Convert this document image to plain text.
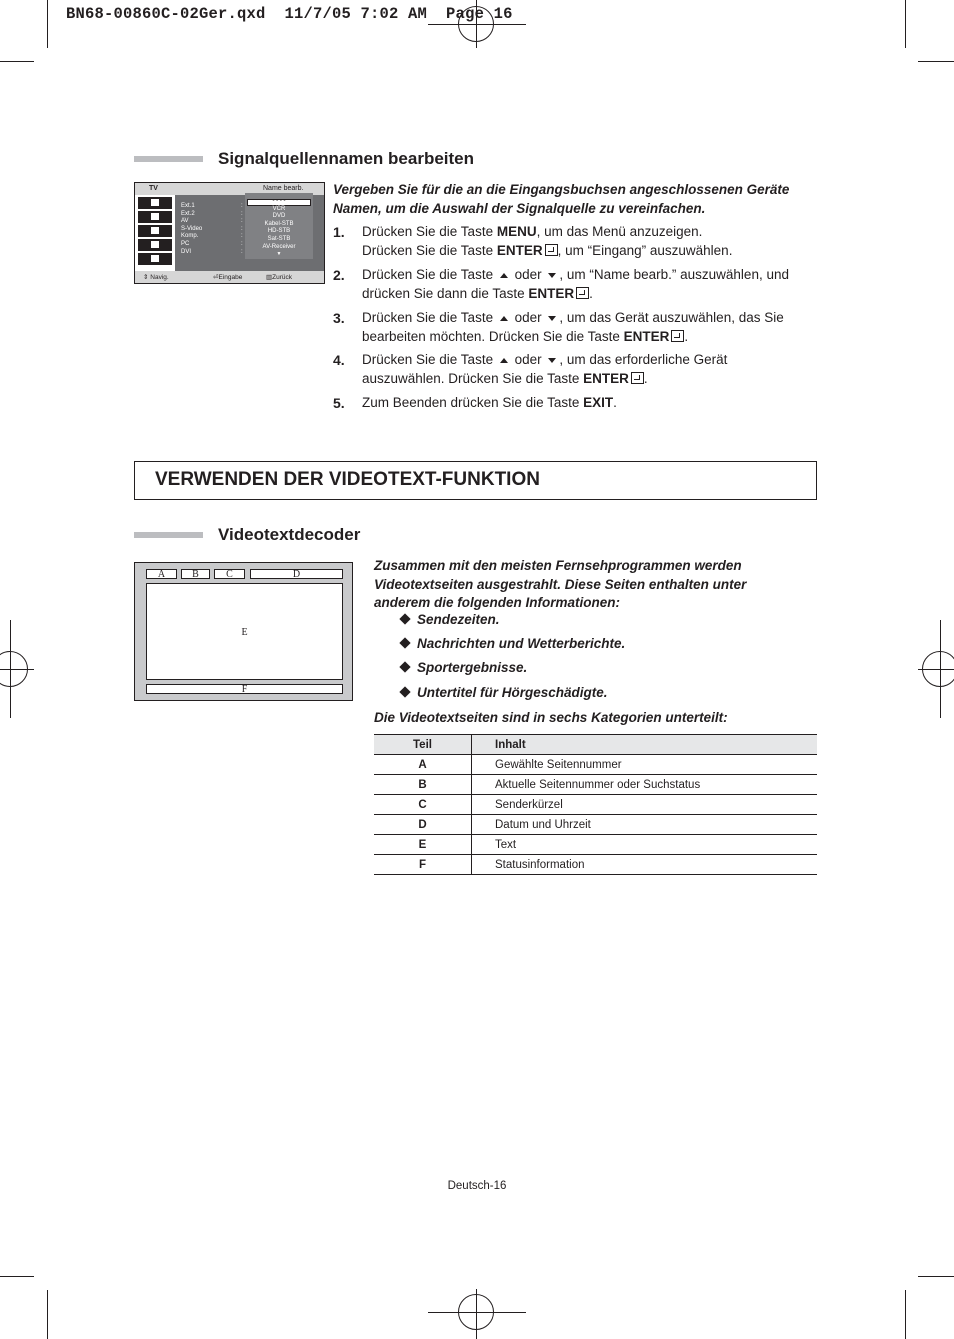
BN68-00860C-02Ger.qxd  11/7/05 7:02 AM  Page 16
Signalquellennamen bearbeiten
TV	Name bearb.
Ext.1
Ext.2
AV
S-Video
Komp.
PC
DVI
:
:
:
:
:
:
:
- - - -
VCR
DVD
Kabel-STB
HD-STB
Sat-STB
AV-Receiver
▼
⇕ Navig.	⏎Eingabe	▥Zurück
Vergeben Sie für die an die Eingangsbuchsen angeschlossenen Geräte Namen, um die Auswahl der Signalquelle zu vereinfachen.
1. Drücken Sie die Taste MENU, um das Menü anzuzeigen.
Drücken Sie die Taste ENTER , um “Eingang” auszuwählen.
2. Drücken Sie die Taste  oder , um “Name bearb.” auszuwählen, und drücken Sie dann die Taste ENTER .
3. Drücken Sie die Taste  oder , um das Gerät auszuwählen, das Sie bearbeiten möchten. Drücken Sie die Taste ENTER .
4. Drücken Sie die Taste  oder , um das erforderliche Gerät auszuwählen. Drücken Sie die Taste ENTER .
5. Zum Beenden drücken Sie die Taste EXIT.
VERWENDEN DER VIDEOTEXT-FUNKTION
Videotextdecoder
A	B	C	D
E
F
Zusammen mit den meisten Fernsehprogrammen werden Videotextseiten ausgestrahlt. Diese Seiten enthalten unter anderem die folgenden Informationen:
Sendezeiten.
Nachrichten und Wetterberichte.
Sportergebnisse.
Untertitel für Hörgeschädigte.
Die Videotextseiten sind in sechs Kategorien unterteilt:
Teil	Inhalt
A	Gewählte Seitennummer
B	Aktuelle Seitennummer oder Suchstatus
C	Senderkürzel
D	Datum und Uhrzeit
E	Text
F	Statusinformation
Deutsch-16
